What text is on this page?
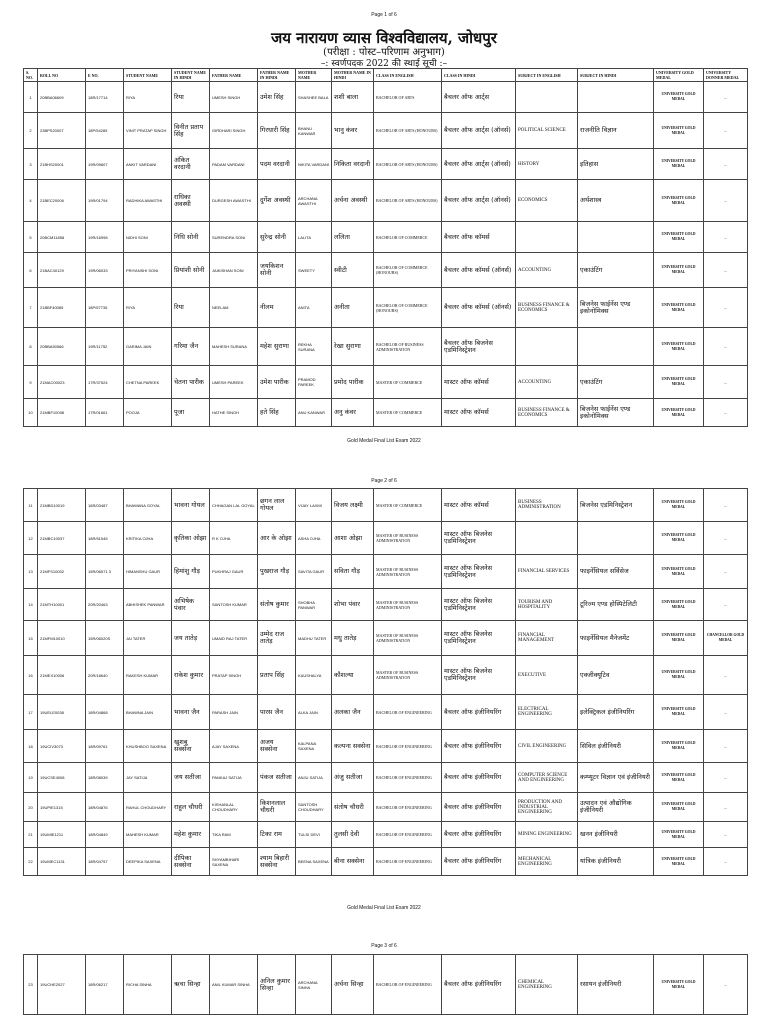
Page 1 of 6
जय नारायण व्यास विश्वविद्यालय, जोधपुर
(परीक्षा : पोस्ट–परिणाम अनुभाग)
–: स्वर्णपदक 2022 की स्थाई सूची :–
S. NO.	ROLL NO	E NO.	STUDENT NAME	STUDENT NAME IN HINDI	FATHER NAME	FATHER NAME IN HINDI	MOTHER NAME	MOTHER NAME IN HINDI	CLASS IN ENGLISH	CLASS IN HINDI	SUBJECT IN ENGLISH	SUBJECT IN HINDI	UNIVERSITY GOLD MEDAL	UNIVERSITY DONNER MEDAL
1	20BBA06609	18R/17714	RIYA	रिया	UMESH SINGH	उमेश सिंह	SHASHEE BALA	शशी बाला	BACHELOR OF ARTS	बैचलर ऑफ आर्ट्स			UNIVERSITY GOLD MEDAL	--
2	23BPS20007	18P/54289	VINIT PRATAP SINGH	विनीत प्रताप सिंह	GIRDHARI SINGH	गिरधारी सिंह	BHANU KANWAR	भानु कंवर	BACHELOR OF ARTS (HONOURS)	बैचलर ऑफ आर्ट्स (ऑनर्स)	POLITICAL SCIENCE	राजनीति विज्ञान	UNIVERSITY GOLD MEDAL	--
3	21BHS20001	19R/09607	ANKIT VARDANI	अंकित वरदानी	PADAM VARDANI	पदम वरदानी	NIKITA VARDANI	निकिता वरदानी	BACHELOR OF ARTS (HONOURS)	बैचलर ऑफ आर्ट्स (ऑनर्स)	HISTORY	इतिहास	UNIVERSITY GOLD MEDAL	--
4	21BEC20006	19R/01794	RADHIKA AWASTHI	राधिका अवस्थी	DURGESH AWASTHI	दुर्गेश अवस्थी	ARCHANA AWASTHI	अर्चना अवस्थी	BACHELOR OF ARTS (HONOURS)	बैचलर ऑफ आर्ट्स (ऑनर्स)	ECONOMICS	अर्थशास्त्र	UNIVERSITY GOLD MEDAL	--
5	20BCM11858	19R/16998	NIDHI SONI	निधि सोनी	SURENDRA SONI	सुरेन्द्र सोनी	LALITA	ललिता	BACHELOR OF COMMERCE	बैचलर ऑफ कॉमर्स			UNIVERSITY GOLD MEDAL	--
6	21BAC40129	19R/06033	PRIYANSHI SONI	प्रियांशी सोनी	JAIKISHAN SONI	जयकिशन सोनी	SWEETY	स्वीटी	BACHELOR OF COMMERCE (HONOURS)	बैचलर ऑफ कॉमर्स (ऑनर्स)	ACCOUNTING	एकाउंटिंग	UNIVERSITY GOLD MEDAL	--
7	21BBF40085	18P/57735	RIYA	रिया	NEELAM	नीलम	ANITA	अनीता	BACHELOR OF COMMERCE (HONOURS)	बैचलर ऑफ कॉमर्स (ऑनर्स)	BUSINESS FINANCE & ECONOMICS	बिजनेस फाईनेंस एण्ड इकोनोमिक्स	UNIVERSITY GOLD MEDAL	--
8	20BBA50566	19R/11752	GARIMA JAIN	गरिमा जैन	MAHESH SURANA	महेश सुराणा	REKHA SURANA	रेखा सुराणा	BACHELOR OF BUSINESS ADMINISTRATION	बैचलर ऑफ बिजनेस एडमिनिस्ट्रेशन			UNIVERSITY GOLD MEDAL	--
9	21MAC00023	17R/37524	CHETNA PAREEK	चेतना पारीक	UMESH PAREEK	उमेश पारीक	PRAMOD PAREEK	प्रमोद पारीक	MASTER OF COMMERCE	मास्टर ऑफ कॉमर्स	ACCOUNTING	एकाउंटिंग	UNIVERSITY GOLD MEDAL	--
10	21MBF10098	17R/01661	POOJA	पूजा	HATHE SINGH	हते सिंह	ANU KANWAR	अनु कंवर	MASTER OF COMMERCE	मास्टर ऑफ कॉमर्स	BUSINESS FINANCE & ECONOMICS	बिजनेस फाईनेंस एण्ड इकोनोमिक्स	UNIVERSITY GOLD MEDAL	--
Gold Medal Final List Exam 2022
Page 2 of 6
11	21MBD10019	16R/03487	BHAWANA GOYAL	भावना गोयल	CHHAGAN LAL GOYAL	छगन लाल गोयल	VIJAY LAXMI	विजय लक्ष्मी	MASTER OF COMMERCE	मास्टर ऑफ कॉमर्स	BUSINESS ADMINISTRATION	बिजनेस एडमिनिस्ट्रेशन	UNIVERSITY GOLD MEDAL	--
12	21MBC10037	18R/51545	KRITIKA OJHA	कृतिका ओझा	R K OJHA	आर के ओझा	ASHA OJHA	आशा ओझा	MASTER OF BUSINESS ADMINISTRATION	मास्टर ऑफ बिजनेस एडमिनिस्ट्रेशन			UNIVERSITY GOLD MEDAL	--
13	21MFS10002	15R/06571 3	HIMANSHU GAUR	हिमांशु गौड़	PUKHRAJ GAUR	पुखराज गौड़	SAVITA GAUR	सविता गौड़	MASTER OF BUSINESS ADMINISTRATION	मास्टर ऑफ बिजनेस एडमिनिस्ट्रेशन	FINANCIAL SERVICES	फाइनेंसियल सर्विसेज	UNIVERSITY GOLD MEDAL	--
14	21MTH10001	20R/20463	ABHISHEK PANWAR	अभिषेक पंवार	SANTOSH KUMAR	संतोष कुमार	SHOBHA PANWAR	शोभा पंवार	MASTER OF BUSINESS ADMINISTRATION	मास्टर ऑफ बिजनेस एडमिनिस्ट्रेशन	TOURISM AND HOSPITALITY	टूरिज्म एण्ड होस्पिटेलिटी	UNIVERSITY GOLD MEDAL	--
15	21MFM10010	15R/06020S	JAI TATER	जय तातेड़	UMAID RAJ TATER	उम्मेद राज तातेड़	MADHU TATER	मधु तातेड़	MASTER OF BUSINESS ADMINISTRATION	मास्टर ऑफ बिजनेस एडमिनिस्ट्रेशन	FINANCIAL MANAGEMENT	फाइनेंसियल मैनेजमेंट	UNIVERSITY GOLD MEDAL	CHANCELLOR GOLD MEDAL
16	21MEX10006	20R/18640	RAKESH KUMAR	राकेश कुमार	PRATAP SINGH	प्रताप सिंह	KAUSHALYA	कौशल्या	MASTER OF BUSINESS ADMINISTRATION	मास्टर ऑफ बिजनेस एडमिनिस्ट्रेशन	EXECUTIVE	एक्जीक्यूटिव	UNIVERSITY GOLD MEDAL	--
17	19UELE0038	18R/04868	BHAWNA JAIN	भावना जैन	PARASH JAIN	पारस जैन	ALKA JAIN	अलका जैन	BACHELOR OF ENGINEERING	बैचलर ऑफ इंजीनियरिंग	ELECTRICAL ENGINEERING	इलेक्ट्रिकल इंजीनियरिंग	UNIVERSITY GOLD MEDAL	--
18	19UCIV3073	18R/09761	KHUSHBOO SAXENA	खुशबू सक्सेना	AJAY SAXENA	अजय सक्सेना	KALPANA SAXENA	कल्पना सक्सेना	BACHELOR OF ENGINEERING	बैचलर ऑफ इंजीनियरिंग	CIVIL ENGINEERING	सिविल इंजीनियरी	UNIVERSITY GOLD MEDAL	--
19	19UCSE4008	18R/08039	JAY SATIJA	जय सतीजा	PANKAJ SATIJA	पंकज सतीजा	ANJU SATIJA	अंजु सतीजा	BACHELOR OF ENGINEERING	बैचलर ऑफ इंजीनियरिंग	COMPUTER SCIENCE AND ENGINEERING	कम्प्यूटर विज्ञान एवं इंजीनियरी	UNIVERSITY GOLD MEDAL	--
20	19UPIE1315	18R/04876	RAHUL CHOUDHARY	राहुल चौधरी	KISHANLAL CHOUDHARY	किशनलाल चौधरी	SANTOSH CHOUDHARY	संतोष चौधरी	BACHELOR OF ENGINEERING	बैचलर ऑफ इंजीनियरिंग	PRODUCTION AND INDUSTRIAL ENGINEERING	उत्पादन एवं औद्योगिक इंजीनियरी	UNIVERSITY GOLD MEDAL	--
21	19UMIE1211	18R/04849	MAHESH KUMAR	महेश कुमार	TIKA RAM	टिका राम	TULSI DEVI	तुलसी देवी	BACHELOR OF ENGINEERING	बैचलर ऑफ इंजीनियरिंग	MINING ENGINEERING	खनन इंजीनियरी	UNIVERSITY GOLD MEDAL	--
22	19UMEC1131	18R/04757	DEEPIKA SAXENA	दीपिका सक्सेना	SHYAMBIHARI SAXENA	श्याम बिहारी सक्सेना	BEENA SAXENA	बीना सक्सेना	BACHELOR OF ENGINEERING	बैचलर ऑफ इंजीनियरिंग	MECHANICAL ENGINEERING	यांत्रिक इंजीनियरी	UNIVERSITY GOLD MEDAL	--
Gold Medal Final List Exam 2022
Page 3 of 6
23	19UCHE2027	18R/06217	RICHA SINHA	ऋचा सिन्हा	ANIL KUMAR SINHA	अनिल कुमार सिन्हा	ARCHANA SINHA	अर्चना सिन्हा	BACHELOR OF ENGINEERING	बैचलर ऑफ इंजीनियरिंग	CHEMICAL ENGINEERING	रसायन इंजीनियरी	UNIVERSITY GOLD MEDAL	--
